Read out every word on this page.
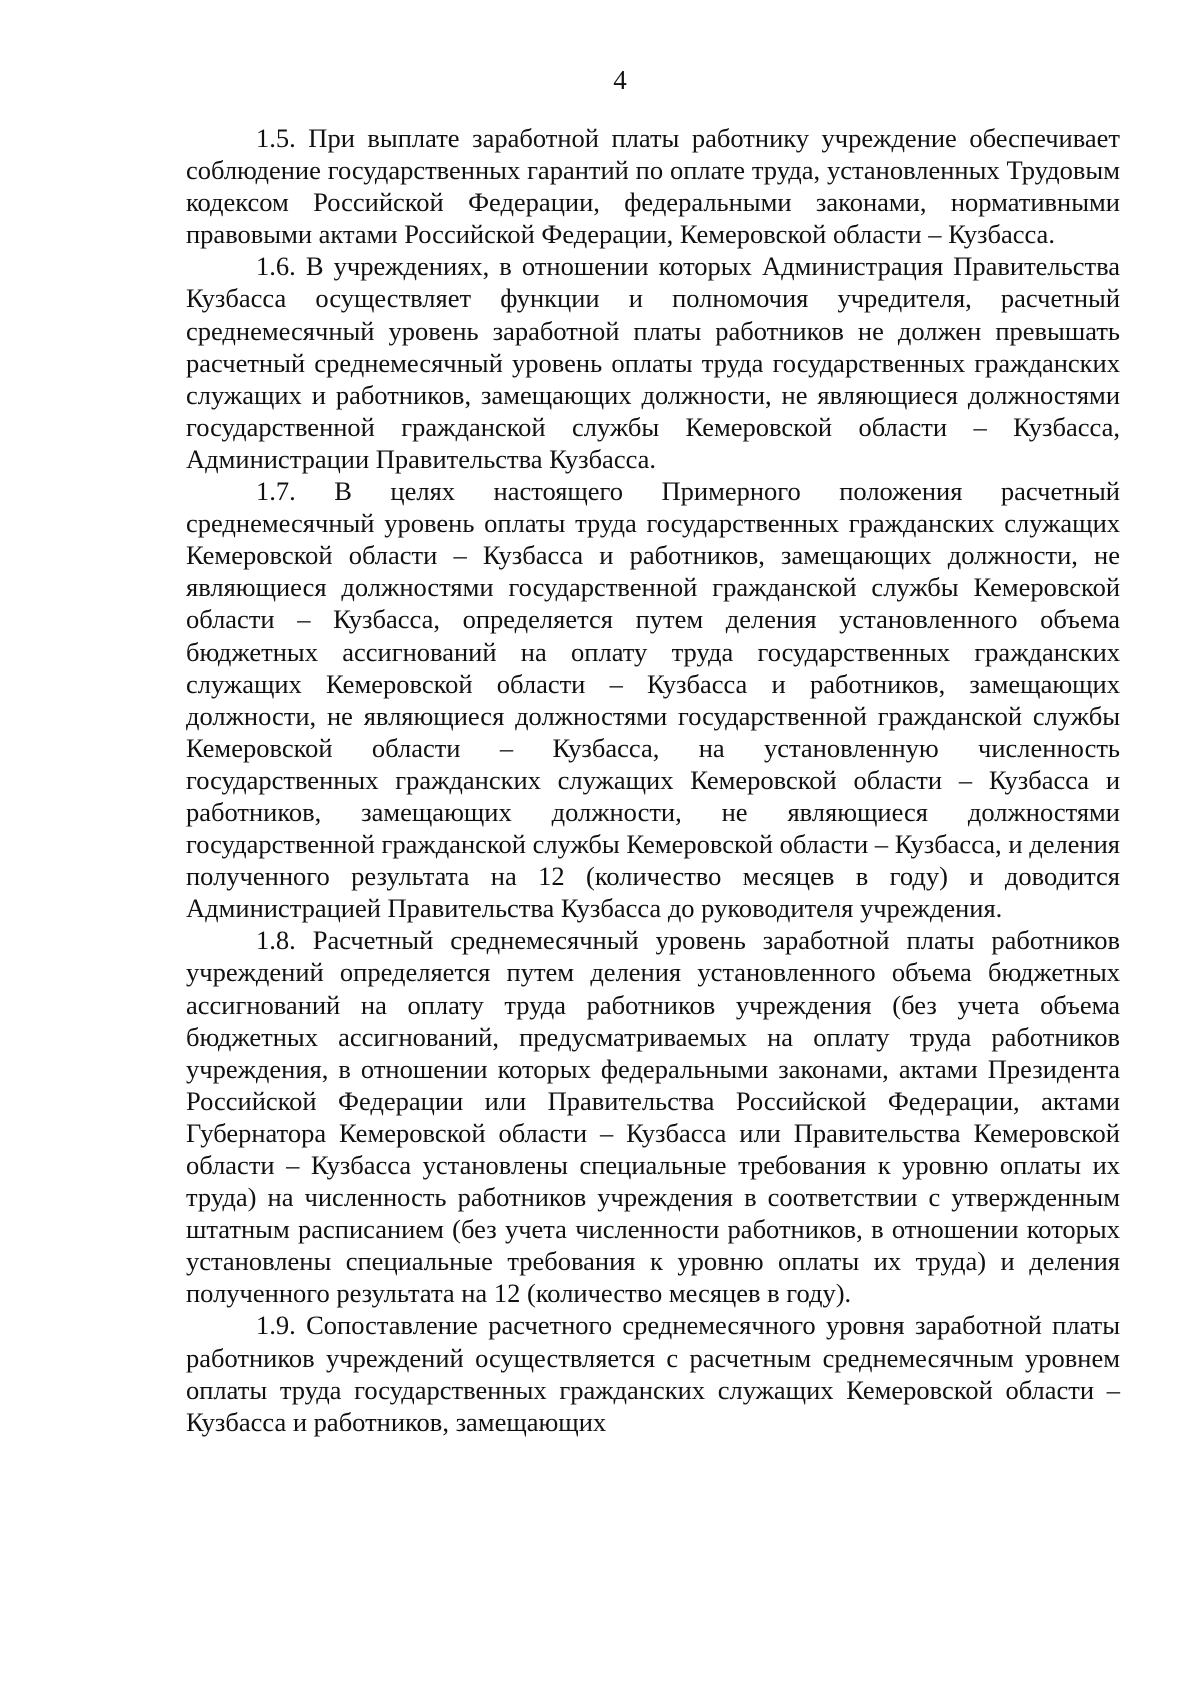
4

1.5. При выплате заработной платы работнику учреждение обеспечивает соблюдение государственных гарантий по оплате труда, установленных Трудовым кодексом Российской Федерации, федеральными законами, нормативными правовыми актами Российской Федерации, Кемеровской области – Кузбасса.

1.6. В учреждениях, в отношении которых Администрация Правительства Кузбасса осуществляет функции и полномочия учредителя, расчетный среднемесячный уровень заработной платы работников не должен превышать расчетный среднемесячный уровень оплаты труда государственных гражданских служащих и работников, замещающих должности, не являющиеся должностями государственной гражданской службы Кемеровской области – Кузбасса, Администрации Правительства Кузбасса.

1.7. В целях настоящего Примерного положения расчетный среднемесячный уровень оплаты труда государственных гражданских служащих Кемеровской области – Кузбасса и работников, замещающих должности, не являющиеся должностями государственной гражданской службы Кемеровской области – Кузбасса, определяется путем деления установленного объема бюджетных ассигнований на оплату труда государственных гражданских служащих Кемеровской области – Кузбасса и работников, замещающих должности, не являющиеся должностями государственной гражданской службы Кемеровской области – Кузбасса, на установленную численность государственных гражданских служащих Кемеровской области – Кузбасса и работников, замещающих должности, не являющиеся должностями государственной гражданской службы Кемеровской области – Кузбасса, и деления полученного результата на 12 (количество месяцев в году) и доводится Администрацией Правительства Кузбасса до руководителя учреждения.

1.8. Расчетный среднемесячный уровень заработной платы работников учреждений определяется путем деления установленного объема бюджетных ассигнований на оплату труда работников учреждения (без учета объема бюджетных ассигнований, предусматриваемых на оплату труда работников учреждения, в отношении которых федеральными законами, актами Президента Российской Федерации или Правительства Российской Федерации, актами Губернатора Кемеровской области – Кузбасса или Правительства Кемеровской области – Кузбасса установлены специальные требования к уровню оплаты их труда) на численность работников учреждения в соответствии с утвержденным штатным расписанием (без учета численности работников, в отношении которых установлены специальные требования к уровню оплаты их труда) и деления полученного результата на 12 (количество месяцев в году).

1.9. Сопоставление расчетного среднемесячного уровня заработной платы работников учреждений осуществляется с расчетным среднемесячным уровнем оплаты труда государственных гражданских служащих Кемеровской области – Кузбасса и работников, замещающих
